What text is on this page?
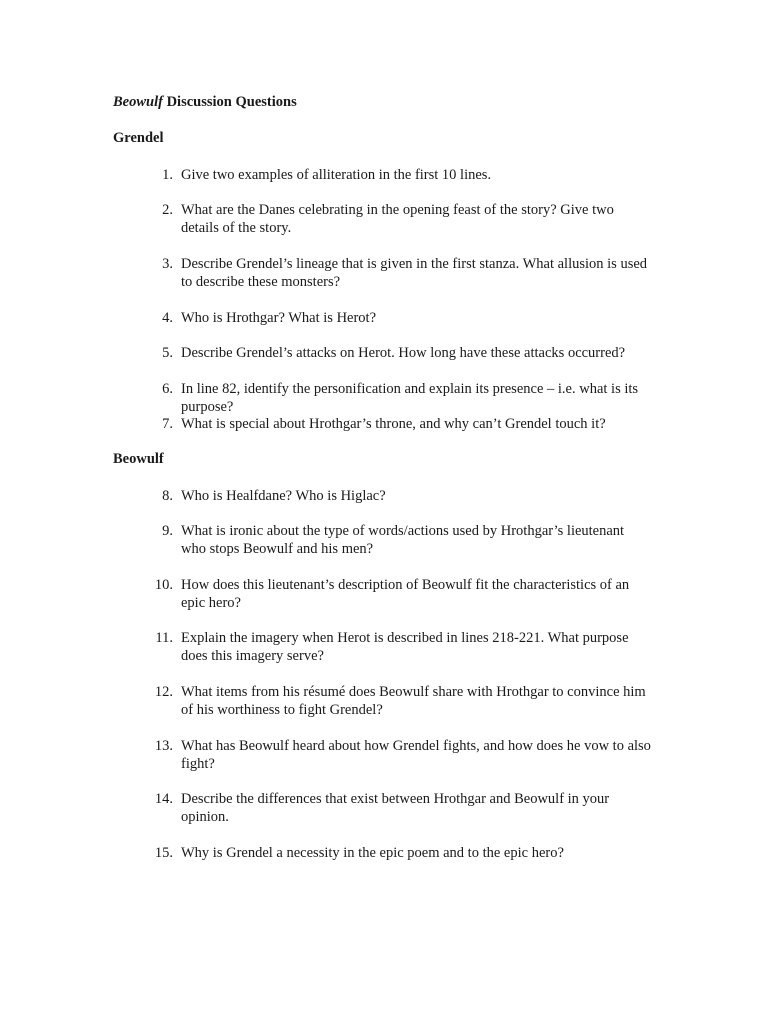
Beowulf Discussion Questions
Grendel
1. Give two examples of alliteration in the first 10 lines.
2. What are the Danes celebrating in the opening feast of the story? Give two details of the story.
3. Describe Grendel’s lineage that is given in the first stanza. What allusion is used to describe these monsters?
4. Who is Hrothgar? What is Herot?
5. Describe Grendel’s attacks on Herot. How long have these attacks occurred?
6. In line 82, identify the personification and explain its presence – i.e. what is its purpose?
7. What is special about Hrothgar’s throne, and why can’t Grendel touch it?
Beowulf
8. Who is Healfdane? Who is Higlac?
9. What is ironic about the type of words/actions used by Hrothgar’s lieutenant who stops Beowulf and his men?
10. How does this lieutenant’s description of Beowulf fit the characteristics of an epic hero?
11. Explain the imagery when Herot is described in lines 218-221. What purpose does this imagery serve?
12. What items from his résumé does Beowulf share with Hrothgar to convince him of his worthiness to fight Grendel?
13. What has Beowulf heard about how Grendel fights, and how does he vow to also fight?
14. Describe the differences that exist between Hrothgar and Beowulf in your opinion.
15. Why is Grendel a necessity in the epic poem and to the epic hero?
